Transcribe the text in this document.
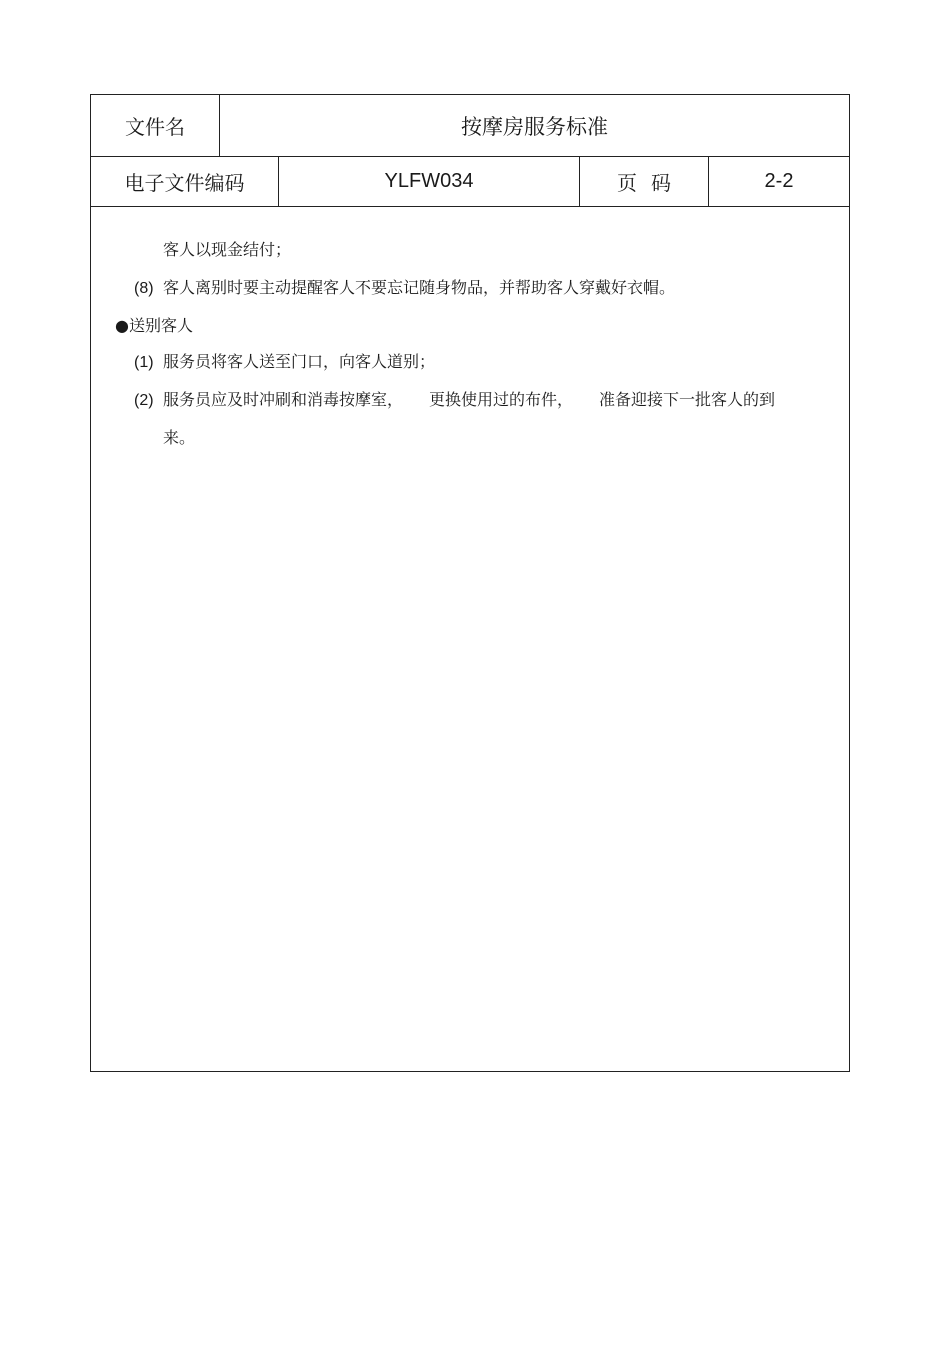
文件名	按摩房服务标准
电子文件编码	YLFW034	页码	2-2
客人以现金结付；
(8) 客人离别时要主动提醒客人不要忘记随身物品，并帮助客人穿戴好衣帽。
●送别客人
(1) 服务员将客人送至门口，向客人道别；
(2) 服务员应及时冲刷和消毒按摩室， 更换使用过的布件， 准备迎接下一批客人的到
来。
